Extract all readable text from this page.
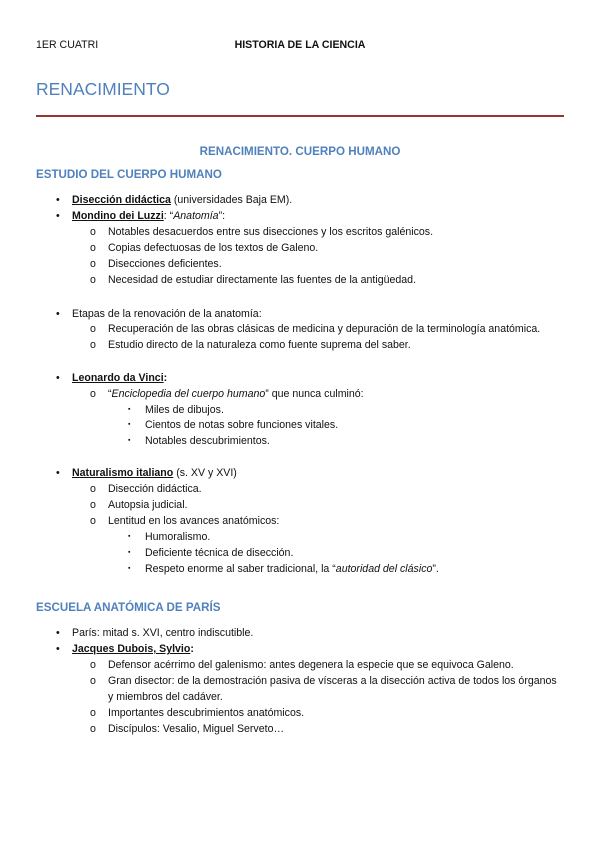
1ER CUATRI	HISTORIA DE LA CIENCIA
RENACIMIENTO
RENACIMIENTO. CUERPO HUMANO
ESTUDIO DEL CUERPO HUMANO
• Disección didáctica (universidades Baja EM).
• Mondino dei Luzzi: “Anatomía”:
o Notables desacuerdos entre sus disecciones y los escritos galénicos.
o Copias defectuosas de los textos de Galeno.
o Disecciones deficientes.
o Necesidad de estudiar directamente las fuentes de la antigüedad.
• Etapas de la renovación de la anatomía:
o Recuperación de las obras clásicas de medicina y depuración de la terminología anatómica.
o Estudio directo de la naturaleza como fuente suprema del saber.
• Leonardo da Vinci:
o “Enciclopedia del cuerpo humano” que nunca culminó:
▪ Miles de dibujos.
▪ Cientos de notas sobre funciones vitales.
▪ Notables descubrimientos.
• Naturalismo italiano (s. XV y XVI)
o Disección didáctica.
o Autopsia judicial.
o Lentitud en los avances anatómicos:
▪ Humoralismo.
▪ Deficiente técnica de disección.
▪ Respeto enorme al saber tradicional, la “autoridad del clásico”.
ESCUELA ANATÓMICA DE PARÍS
• París: mitad s. XVI, centro indiscutible.
• Jacques Dubois, Sylvio:
o Defensor acérrimo del galenismo: antes degenera la especie que se equivoca Galeno.
o Gran disector: de la demostración pasiva de vísceras a la disección activa de todos los órganos
y miembros del cadáver.
o Importantes descubrimientos anatómicos.
o Discípulos: Vesalio, Miguel Serveto…
